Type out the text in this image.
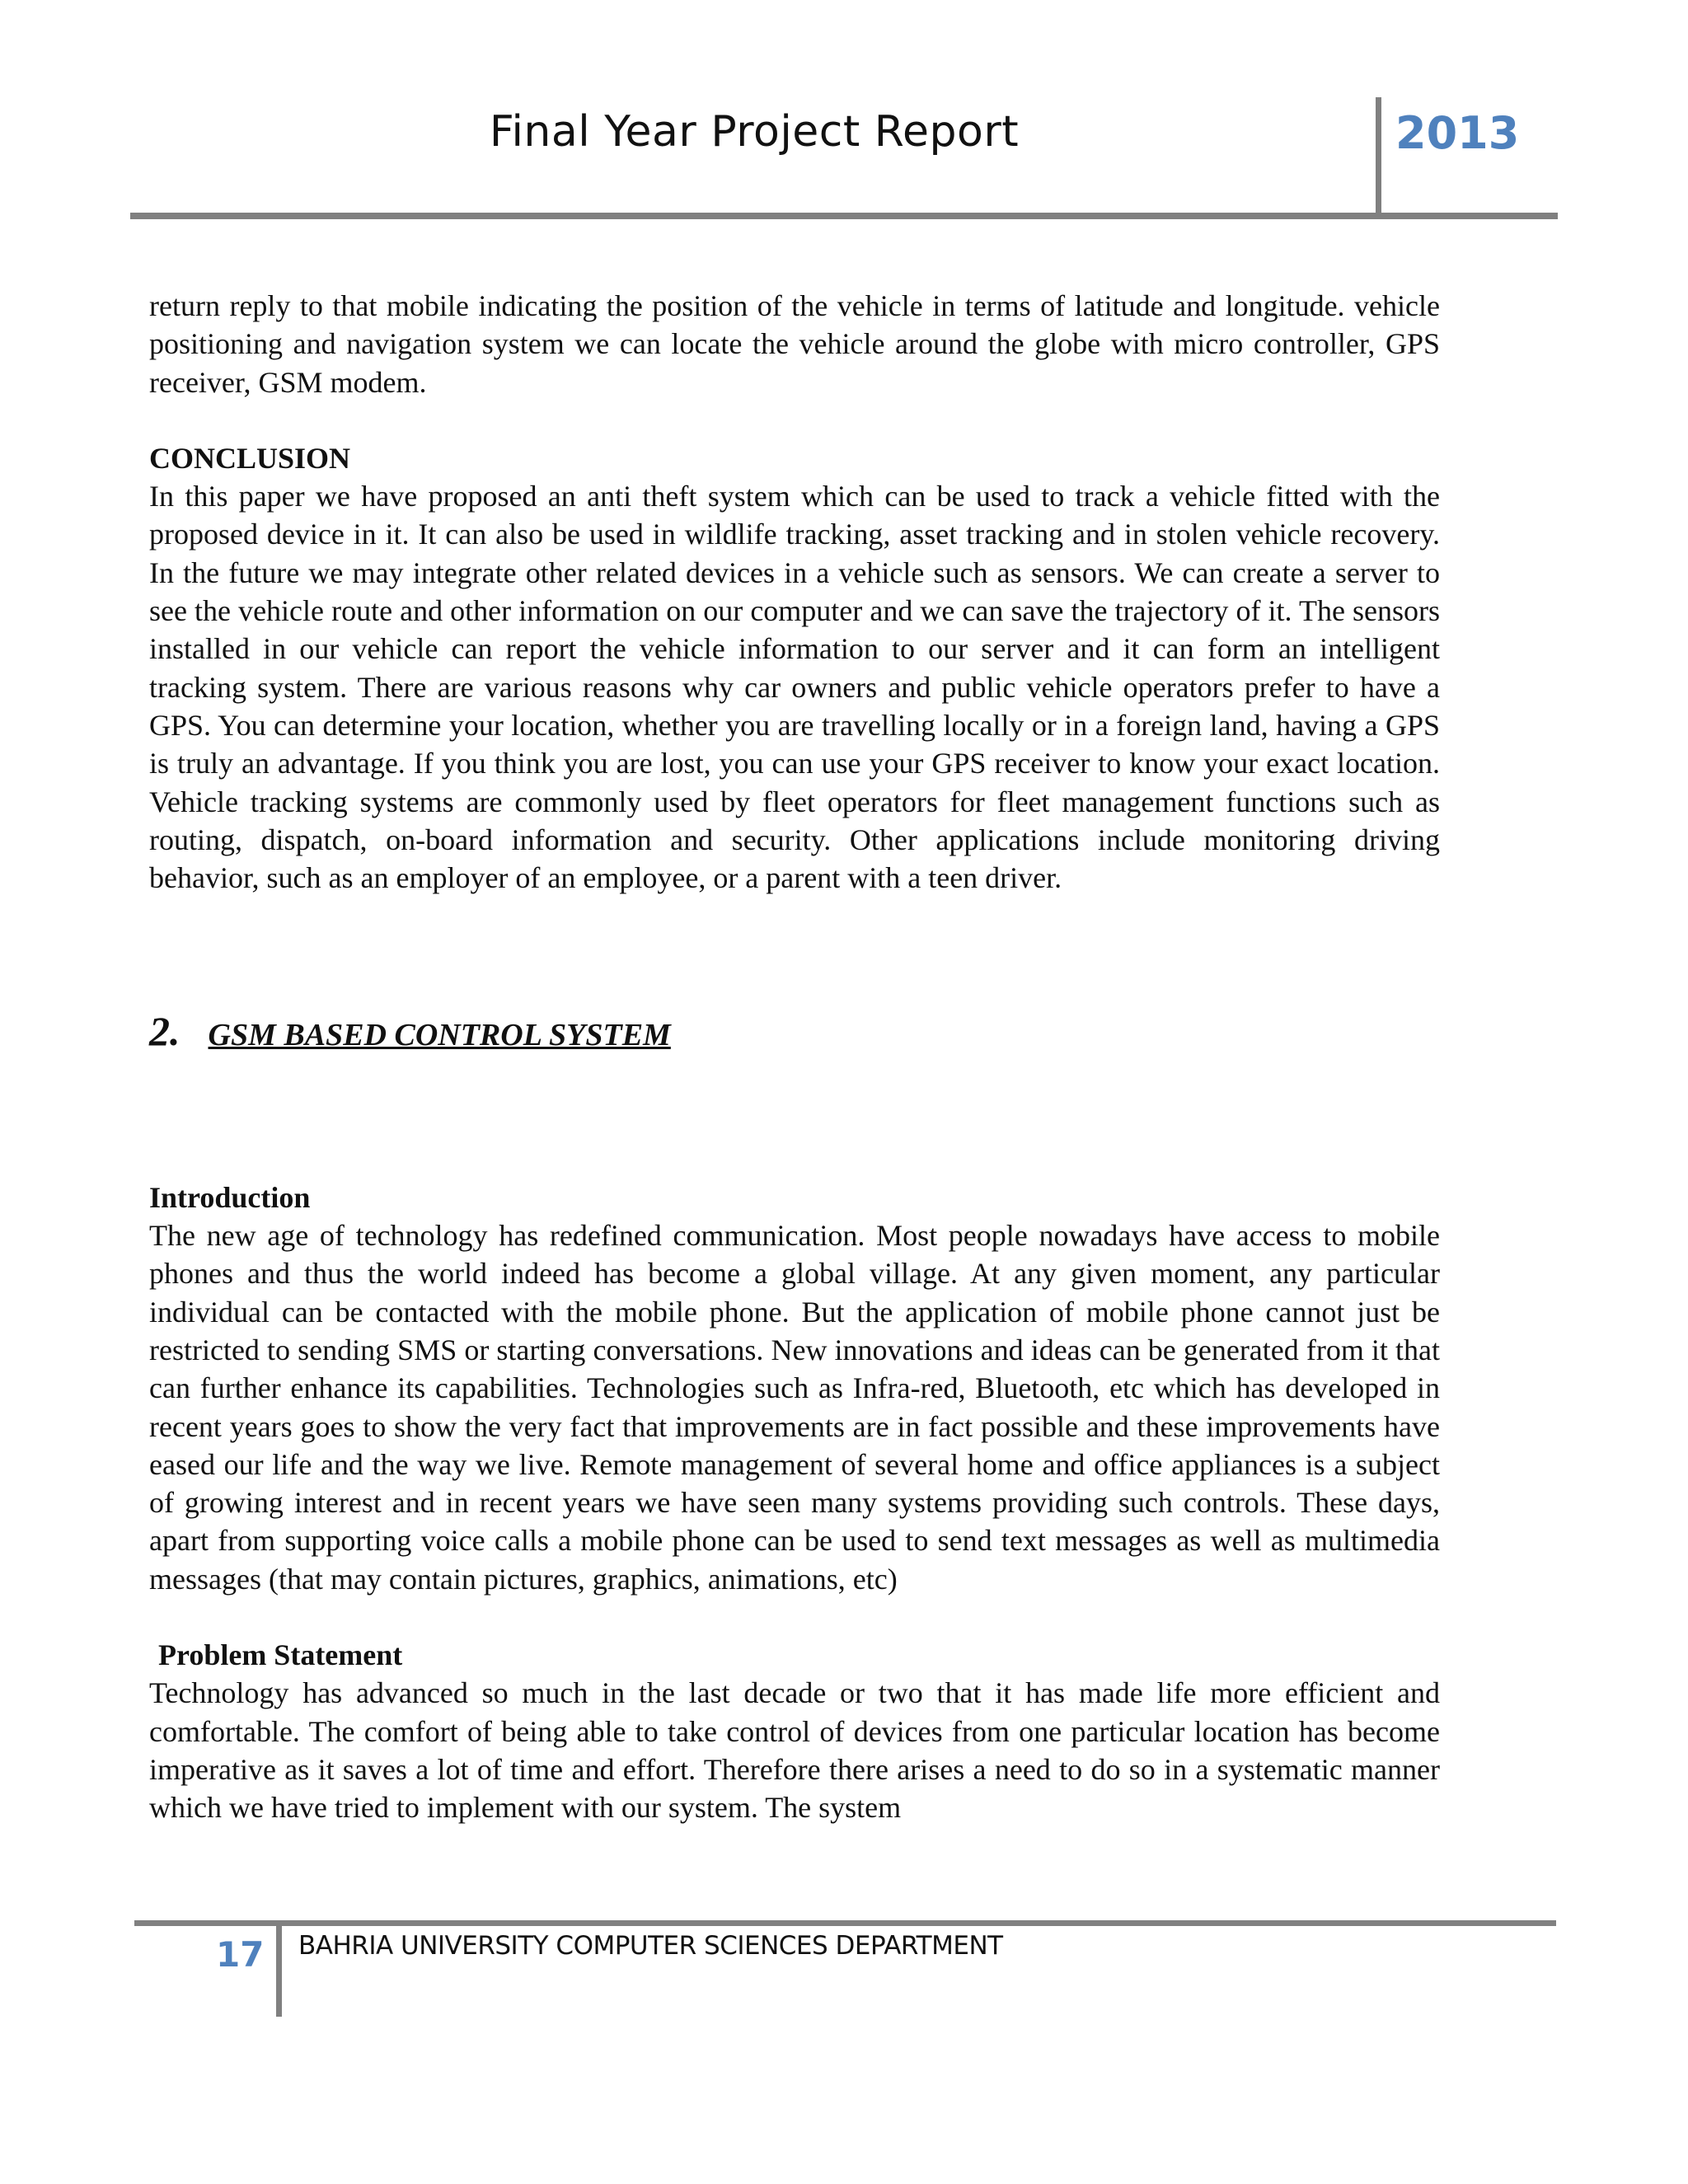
Final Year Project Report	2013

return reply to that mobile indicating the position of the vehicle in terms of latitude and longitude. vehicle positioning and navigation system we can locate the vehicle around the globe with micro controller, GPS receiver, GSM modem.

CONCLUSION

In this paper we have proposed an anti theft system which can be used to track a vehicle fitted with the proposed device in it. It can also be used in wildlife tracking, asset tracking and in stolen vehicle recovery. In the future we may integrate other related devices in a vehicle such as sensors. We can create a server to see the vehicle route and other information on our computer and we can save the trajectory of it. The sensors installed in our vehicle can report the vehicle information to our server and it can form an intelligent tracking system. There are various reasons why car owners and public vehicle operators prefer to have a GPS. You can determine your location, whether you are travelling locally or in a foreign land, having a GPS is truly an advantage. If you think you are lost, you can use your GPS receiver to know your exact location. Vehicle tracking systems are commonly used by fleet operators for fleet management functions such as routing, dispatch, on-board information and security. Other applications include monitoring driving behavior, such as an employer of an employee, or a parent with a teen driver.

2. GSM BASED CONTROL SYSTEM

Introduction

The new age of technology has redefined communication. Most people nowadays have access to mobile phones and thus the world indeed has become a global village. At any given moment, any particular individual can be contacted with the mobile phone. But the application of mobile phone cannot just be restricted to sending SMS or starting conversations. New innovations and ideas can be generated from it that can further enhance its capabilities. Technologies such as Infra-red, Bluetooth, etc which has developed in recent years goes to show the very fact that improvements are in fact possible and these improvements have eased our life and the way we live. Remote management of several home and office appliances is a subject of growing interest and in recent years we have seen many systems providing such controls. These days, apart from supporting voice calls a mobile phone can be used to send text messages as well as multimedia messages (that may contain pictures, graphics, animations, etc)

Problem Statement

Technology has advanced so much in the last decade or two that it has made life more efficient and comfortable. The comfort of being able to take control of devices from one particular location has become imperative as it saves a lot of time and effort. Therefore there arises a need to do so in a systematic manner which we have tried to implement with our system. The system

17 BAHRIA UNIVERSITY COMPUTER SCIENCES DEPARTMENT
